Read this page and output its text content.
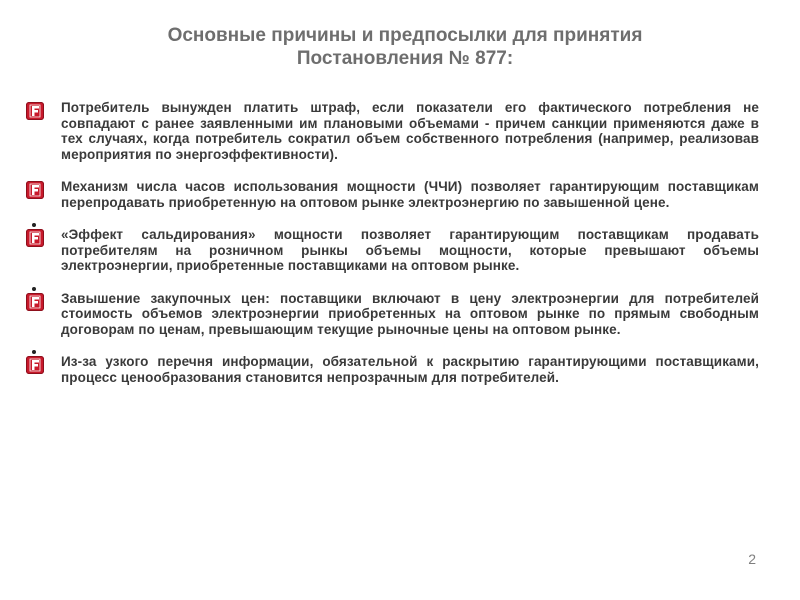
Основные причины и предпосылки для принятия
Постановления № 877:
Потребитель вынужден платить штраф, если показатели его фактического потребления не совпадают с ранее заявленными им плановыми объемами - причем санкции применяются даже в тех случаях, когда потребитель сократил объем собственного потребления (например, реализовав мероприятия по энергоэффективности).
Механизм числа часов использования мощности (ЧЧИ) позволяет гарантирующим поставщикам перепродавать приобретенную на оптовом рынке электроэнергию по завышенной цене.
«Эффект сальдирования» мощности позволяет гарантирующим поставщикам продавать потребителям на розничном рынкы объемы мощности, которые превышают объемы электроэнергии, приобретенные поставщиками на оптовом рынке.
Завышение закупочных цен: поставщики включают в цену электроэнергии для потребителей стоимость объемов электроэнергии приобретенных на оптовом рынке по прямым свободным договорам по ценам, превышающим текущие рыночные цены на оптовом рынке.
Из-за узкого перечня информации, обязательной к раскрытию гарантирующими поставщиками, процесс ценообразования становится непрозрачным для потребителей.
2
